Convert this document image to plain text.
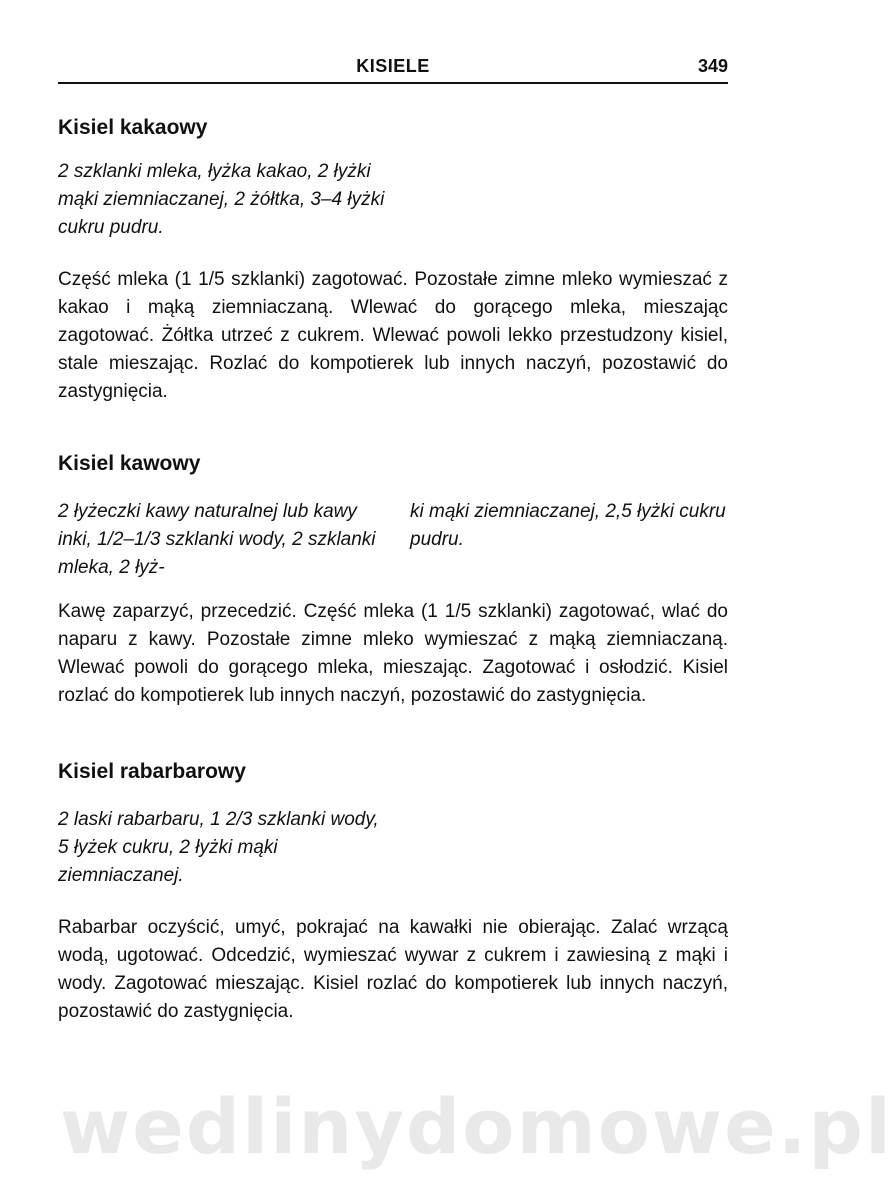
wedlinydomowe.pl
KISIELE	349
Kisiel kakaowy

2 szklanki mleka, łyżka kakao, 2 łyżki mąki ziemniaczanej, 2 żółtka, 3–4 łyżki cukru pudru.

Część mleka (1 1/5 szklanki) zagotować. Pozostałe zimne mleko wymieszać z kakao i mąką ziemniaczaną. Wlewać do gorącego mleka, mieszając zagotować. Żółtka utrzeć z cukrem. Wlewać powoli lekko przestudzony kisiel, stale mieszając. Rozlać do kompotierek lub innych naczyń, pozostawić do zastygnięcia.

Kisiel kawowy
2 łyżeczki kawy naturalnej lub kawy inki, 1/2–1/3 szklanki wody, 2 szklanki mleka, 2 łyż-
ki mąki ziemniaczanej, 2,5 łyżki cukru pudru.

Kawę zaparzyć, przecedzić. Część mleka (1 1/5 szklanki) zagotować, wlać do naparu z kawy. Pozostałe zimne mleko wymieszać z mąką ziemniaczaną. Wlewać powoli do gorącego mleka, mieszając. Zagotować i osłodzić. Kisiel rozlać do kompotierek lub innych naczyń, pozostawić do zastygnięcia.

Kisiel rabarbarowy

2 laski rabarbaru, 1 2/3 szklanki wody, 5 łyżek cukru, 2 łyżki mąki ziemniaczanej.

Rabarbar oczyścić, umyć, pokrajać na kawałki nie obierając. Zalać wrzącą wodą, ugotować. Odcedzić, wymieszać wywar z cukrem i zawiesiną z mąki i wody. Zagotować mieszając. Kisiel rozlać do kompotierek lub innych naczyń, pozostawić do zastygnięcia.
